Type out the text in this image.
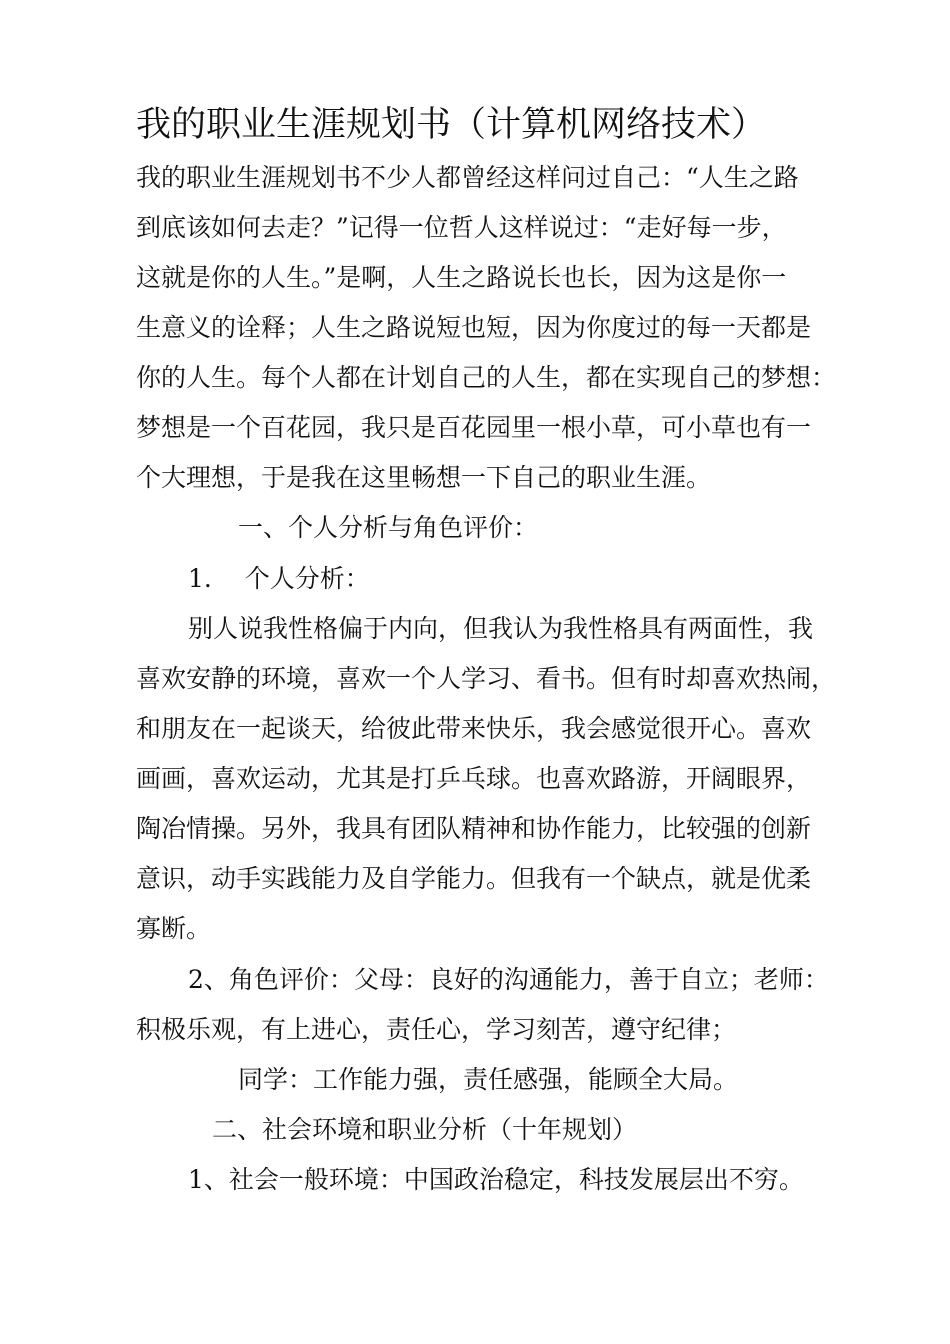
我的职业生涯规划书（计算机网络技术）
我的职业生涯规划书不少人都曾经这样问过自己：“人生之路
到底该如何去走？”记得一位哲人这样说过：“走好每一步，
这就是你的人生。”是啊，人生之路说长也长，因为这是你一
生意义的诠释；人生之路说短也短，因为你度过的每一天都是
你的人生。每个人都在计划自己的人生，都在实现自己的梦想：
梦想是一个百花园，我只是百花园里一根小草，可小草也有一
个大理想，于是我在这里畅想一下自己的职业生涯。
一、个人分析与角色评价：
1.　 个人分析：
别人说我性格偏于内向，但我认为我性格具有两面性，我
喜欢安静的环境，喜欢一个人学习、看书。但有时却喜欢热闹，
和朋友在一起谈天，给彼此带来快乐，我会感觉很开心。喜欢
画画，喜欢运动，尤其是打乒乓球。也喜欢路游，开阔眼界，
陶冶情操。另外，我具有团队精神和协作能力，比较强的创新
意识，动手实践能力及自学能力。但我有一个缺点，就是优柔
寡断。
2、角色评价：父母：良好的沟通能力，善于自立；老师：
积极乐观，有上进心，责任心，学习刻苦，遵守纪律；
同学：工作能力强，责任感强，能顾全大局。
二、社会环境和职业分析（十年规划）
1、社会一般环境：中国政治稳定，科技发展层出不穷。
